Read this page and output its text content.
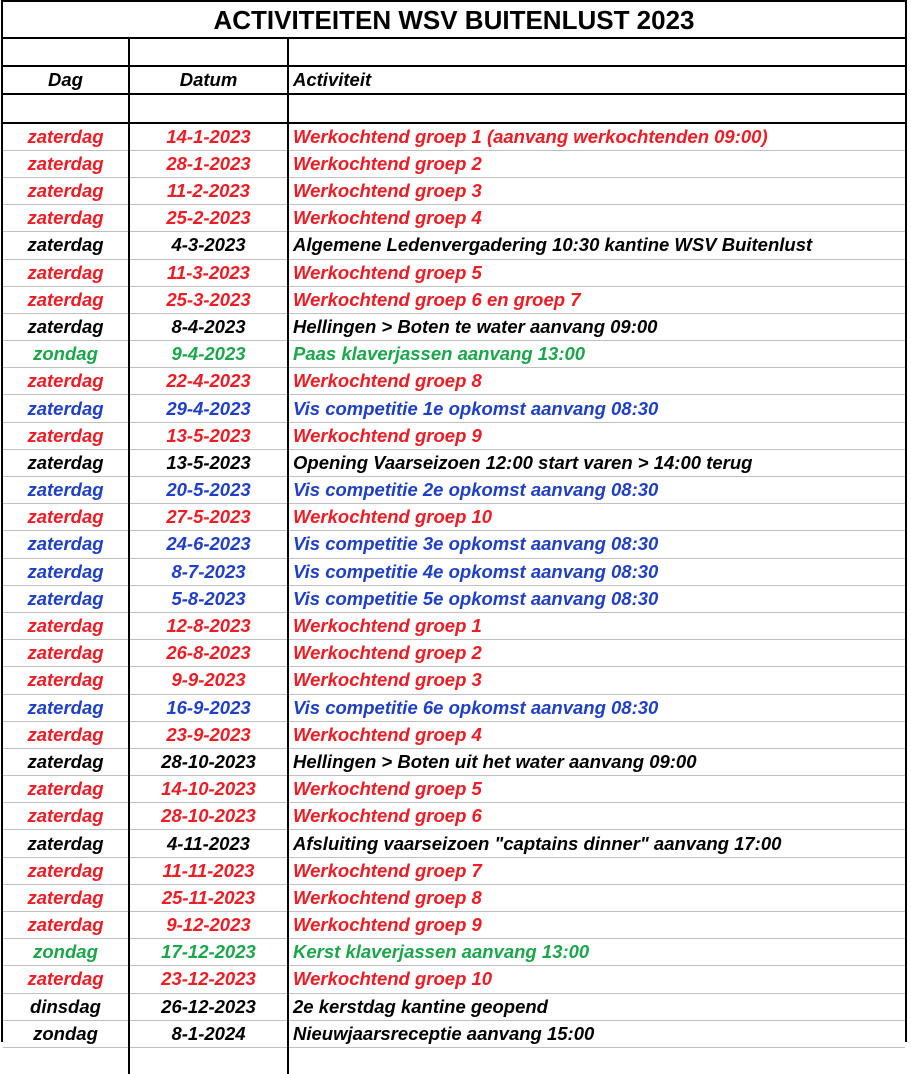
ACTIVITEITEN WSV BUITENLUST 2023

Dag	Datum	Activiteit

zaterdag	14-1-2023	Werkochtend groep 1 (aanvang werkochtenden 09:00)
zaterdag	28-1-2023	Werkochtend groep 2
zaterdag	11-2-2023	Werkochtend groep 3
zaterdag	25-2-2023	Werkochtend groep 4
zaterdag	4-3-2023	Algemene Ledenvergadering 10:30 kantine WSV Buitenlust
zaterdag	11-3-2023	Werkochtend groep 5
zaterdag	25-3-2023	Werkochtend groep 6 en groep 7
zaterdag	8-4-2023	Hellingen > Boten te water aanvang 09:00
zondag	9-4-2023	Paas klaverjassen aanvang 13:00
zaterdag	22-4-2023	Werkochtend groep 8
zaterdag	29-4-2023	Vis competitie 1e opkomst aanvang 08:30
zaterdag	13-5-2023	Werkochtend groep 9
zaterdag	13-5-2023	Opening Vaarseizoen 12:00 start varen > 14:00 terug
zaterdag	20-5-2023	Vis competitie 2e opkomst aanvang 08:30
zaterdag	27-5-2023	Werkochtend groep 10
zaterdag	24-6-2023	Vis competitie 3e opkomst aanvang 08:30
zaterdag	8-7-2023	Vis competitie 4e opkomst aanvang 08:30
zaterdag	5-8-2023	Vis competitie 5e opkomst aanvang 08:30
zaterdag	12-8-2023	Werkochtend groep 1
zaterdag	26-8-2023	Werkochtend groep 2
zaterdag	9-9-2023	Werkochtend groep 3
zaterdag	16-9-2023	Vis competitie 6e opkomst aanvang 08:30
zaterdag	23-9-2023	Werkochtend groep 4
zaterdag	28-10-2023	Hellingen > Boten uit het water aanvang 09:00
zaterdag	14-10-2023	Werkochtend groep 5
zaterdag	28-10-2023	Werkochtend groep 6
zaterdag	4-11-2023	Afsluiting vaarseizoen "captains dinner" aanvang 17:00
zaterdag	11-11-2023	Werkochtend groep 7
zaterdag	25-11-2023	Werkochtend groep 8
zaterdag	9-12-2023	Werkochtend groep 9
zondag	17-12-2023	Kerst klaverjassen aanvang 13:00
zaterdag	23-12-2023	Werkochtend groep 10
dinsdag	26-12-2023	2e kerstdag kantine geopend
zondag	8-1-2024	Nieuwjaarsreceptie aanvang 15:00
